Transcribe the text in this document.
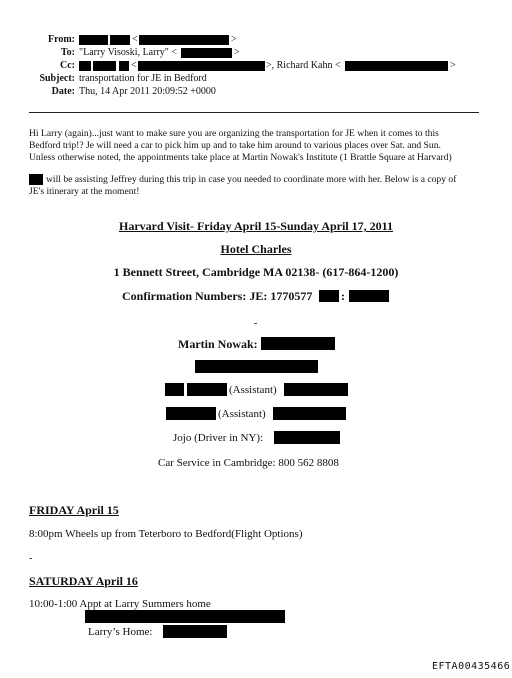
From:	<	>
To: "Larry Visoski, Larry" <	>
Cc:	<	>, Richard Kahn <	>
Subject: transportation for JE in Bedford
Date: Thu, 14 Apr 2011 20:09:52 +0000
Hi Larry (again)...just want to make sure you are organizing the transportation for JE when it comes to this
Bedford trip!? Je will need a car to pick him up and to take him around to various places over Sat. and Sun.
Unless otherwise noted, the appointments take place at Martin Nowak's Institute (1 Brattle Square at Harvard)
will be assisting Jeffrey during this trip in case you needed to coordinate more with her. Below is a copy of
JE's itinerary at the moment!
Harvard Visit- Friday April 15-Sunday April 17, 2011
Hotel Charles
1 Bennett Street, Cambridge MA 02138- (617-864-1200)
Confirmation Numbers: JE: 1770577 :
-
Martin Nowak:
(Assistant)
(Assistant)
Jojo (Driver in NY):
Car Service in Cambridge: 800 562 8808
FRIDAY April 15
8:00pm Wheels up from Teterboro to Bedford(Flight Options)
-
SATURDAY April 16
10:00-1:00 Appt at Larry Summers home
Larry’s Home:
EFTA00435466
